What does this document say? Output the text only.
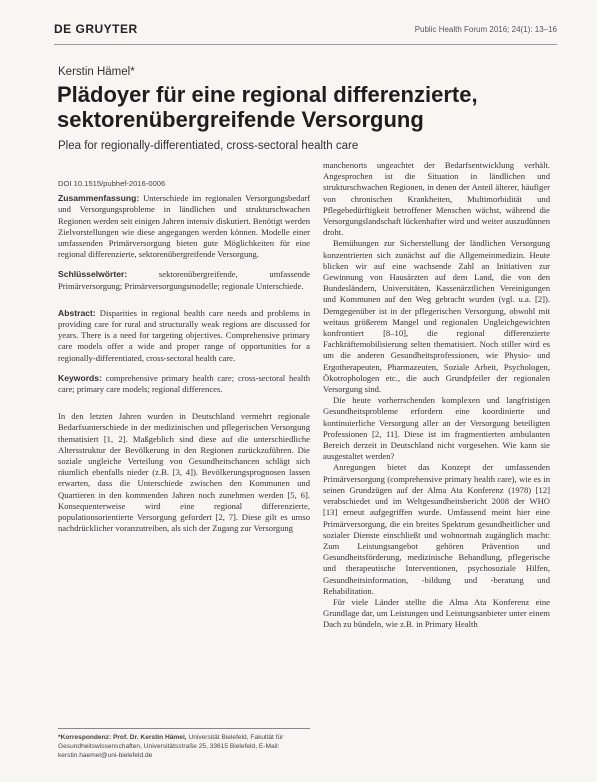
DE GRUYTER	Public Health Forum 2016; 24(1): 13–16
Kerstin Hämel*
Plädoyer für eine regional differenzierte, sektorenübergreifende Versorgung
Plea for regionally-differentiated, cross-sectoral health care

DOI 10.1515/pubhef-2016-0006

Zusammenfassung: Unterschiede im regionalen Versorgungsbedarf und Versorgungsprobleme in ländlichen und strukturschwachen Regionen werden seit einigen Jahren intensiv diskutiert. Benötigt werden Zielvorstellungen wie diese angegangen werden können. Modelle einer umfassenden Primärversorgung bieten gute Möglichkeiten für eine regional differenzierte, sektorenübergreifende Versorgung.

Schlüsselwörter:	sektorenübergreifende, umfassende Primärversorgung; Primärversorgungsmodelle; regionale Unterschiede.

Abstract: Disparities in regional health care needs and problems in providing care for rural and structurally weak regions are discussed for years. There is a need for targeting objectives. Comprehensive primary care models offer a wide and proper range of opportunities for a regionally-differentiated, cross-sectoral health care.

Keywords: comprehensive primary health care; cross-sectoral health care; primary care models; regional differences.

In den letzten Jahren wurden in Deutschland vermehrt regionale Bedarfsunterschiede in der medizinischen und pflegerischen Versorgung thematisiert [1, 2]. Maßgeblich sind diese auf die unterschiedliche Altersstruktur der Bevölkerung in den Regionen zurückzuführen. Die soziale ungleiche Verteilung von Gesundheitschancen schlägt sich räumlich ebenfalls nieder (z.B. [3, 4]). Bevölkerungsprognosen lassen erwarten, dass die Unterschiede zwischen den Kommunen und Quartieren in den kommenden Jahren noch zunehmen werden [5, 6]. Konsequenterweise wird eine regional differenzierte, populationsorientierte Versorgung gefordert [2, 7]. Diese gilt es umso nachdrücklicher voranzutreiben, als sich der Zugang zur Versorgung

*Korrespondenz: Prof. Dr. Kerstin Hämel, Universität Bielefeld, Fakultät für Gesundheitswissenschaften, Universitätsstraße 25, 33615 Bielefeld, E-Mail: kerstin.haemel@uni-bielefeld.de

manchenorts ungeachtet der Bedarfsentwicklung verhält. Angesprochen ist die Situation in ländlichen und strukturschwachen Regionen, in denen der Anteil älterer, häufiger von chronischen Krankheiten, Multimorbidität und Pflegebedürftigkeit betroffener Menschen wächst, während die Versorgungslandschaft lückenhafter wird und weiter auszudünnen droht.

Bemühungen zur Sicherstellung der ländlichen Versorgung konzentrierten sich zunächst auf die Allgemeinmedizin. Heute blicken wir auf eine wachsende Zahl an Initiativen zur Gewinnung von Hausärzten auf dem Land, die von den Bundesländern, Universitäten, Kassenärztlichen Vereinigungen und Kommunen auf den Weg gebracht wurden (vgl. u.a. [2]). Demgegenüber ist in der pflegerischen Versorgung, obwohl mit weitaus größerem Mangel und regionalen Ungleichgewichten konfrontiert [8–10], die regional differenzierte Fachkräftemobilisierung selten thematisiert. Noch stiller wird es um die anderen Gesundheitsprofessionen, wie Physio- und Ergotherapeuten, Pharmazeuten, Soziale Arbeit, Psychologen, Ökotrophologen etc., die auch Grundpfeiler der regionalen Versorgung sind.

Die heute vorherrschenden komplexen und langfristigen Gesundheitsprobleme erfordern eine koordinierte und kontinuierliche Versorgung aller an der Versorgung beteiligten Professionen [2, 11]. Diese ist im fragmentierten ambulanten Bereich derzeit in Deutschland nicht vorgesehen. Wie kann sie ausgestaltet werden?

Anregungen bietet das Konzept der umfassenden Primärversorgung (comprehensive primary health care), wie es in seinen Grundzügen auf der Alma Ata Konferenz (1978) [12] verabschiedet und im Weltgesundheitsbericht 2008 der WHO [13] erneut aufgegriffen wurde. Umfassend meint hier eine Primärversorgung, die ein breites Spektrum gesundheitlicher und sozialer Dienste einschließt und wohnortnah zugänglich macht: Zum Leistungsangebot gehören Prävention und Gesundheitsförderung, medizinische Behandlung, pflegerische und therapeutische Interventionen, psychosoziale Hilfen, Gesundheitsinformation, -bildung und -beratung und Rehabilitation.

Für viele Länder stellte die Alma Ata Konferenz eine Grundlage dar, um Leistungen und Leistungsanbieter unter einem Dach zu bündeln, wie z.B. in Primary Health
